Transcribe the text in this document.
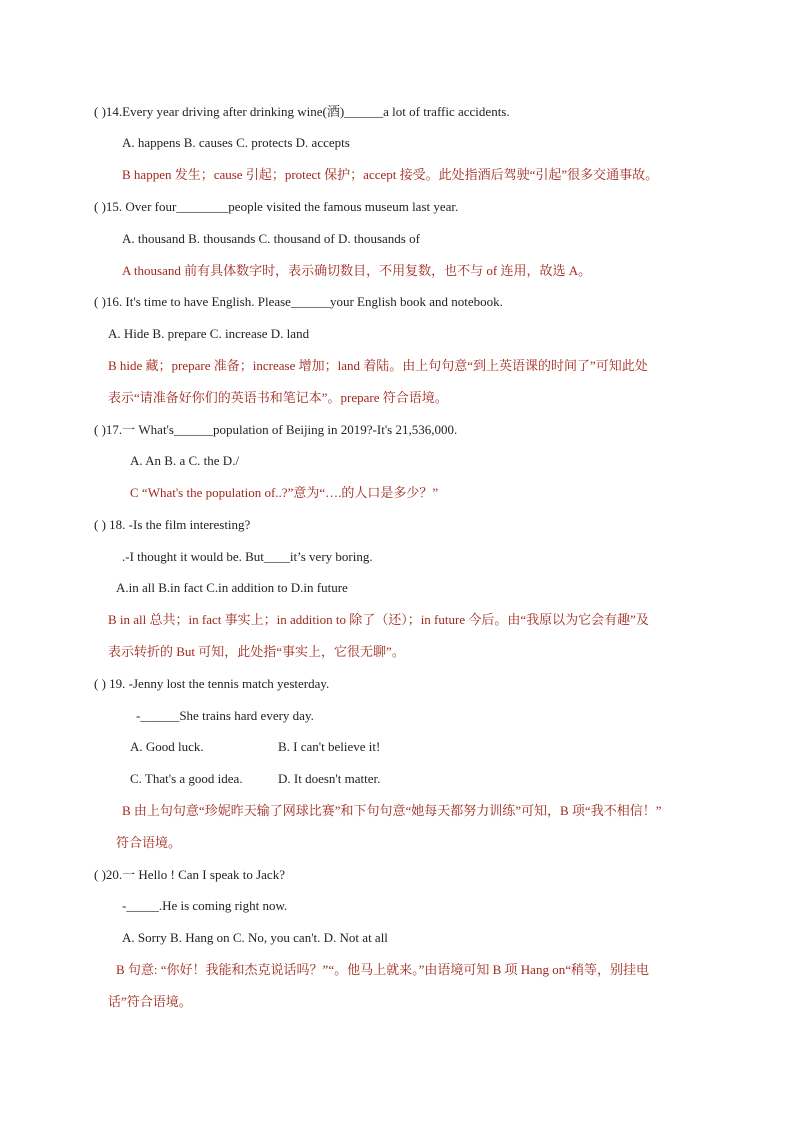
( )14.Every year driving after drinking wine(酒)______a lot of traffic accidents.
A. happens B. causes C. protects D. accepts
B happen 发生；cause 引起；protect 保护；accept 接受。此处指酒后驾驶“引起”很多交通事故。
( )15. Over four________people visited the famous museum last year.
A. thousand B. thousands C. thousand of D. thousands of
A thousand 前有具体数字时，表示确切数目，不用复数，也不与 of 连用，故选 A。
( )16. It's time to have English. Please______your English book and notebook.
A. Hide B. prepare C. increase D. land
B hide 藏；prepare 准备；increase 增加；land 着陆。由上句句意“到上英语课的时间了”可知此处
表示“请准备好你们的英语书和笔记本”。prepare 符合语境。
( )17.一 What's______population of Beijing in 2019?-It's 21,536,000.
A. An B. a C. the D./
C “What's the population of..?”意为“….的人口是多少？”
( ) 18. -Is the film interesting?
.-I thought it would be. But____it’s very boring.
A.in all B.in fact C.in addition to D.in future
B in all 总共；in fact 事实上；in addition to 除了（还）；in future 今后。由“我原以为它会有趣”及
表示转折的 But 可知，此处指“事实上，它很无聊”。
( ) 19. -Jenny lost the tennis match yesterday.
-______She trains hard every day.
A. Good luck.	B. I can't believe it!
C. That's a good idea.	D. It doesn't matter.
B 由上句句意“珍妮昨天输了网球比赛”和下句句意“她每天都努力训练”可知，B 项“我不相信！”
符合语境。
( )20.一 Hello ! Can I speak to Jack?
-_____.He is coming right now.
A. Sorry B. Hang on C. No, you can't. D. Not at all
B 句意: “你好！我能和杰克说话吗？”“。他马上就来。”由语境可知 B 项 Hang on“稍等，别挂电
话”符合语境。
